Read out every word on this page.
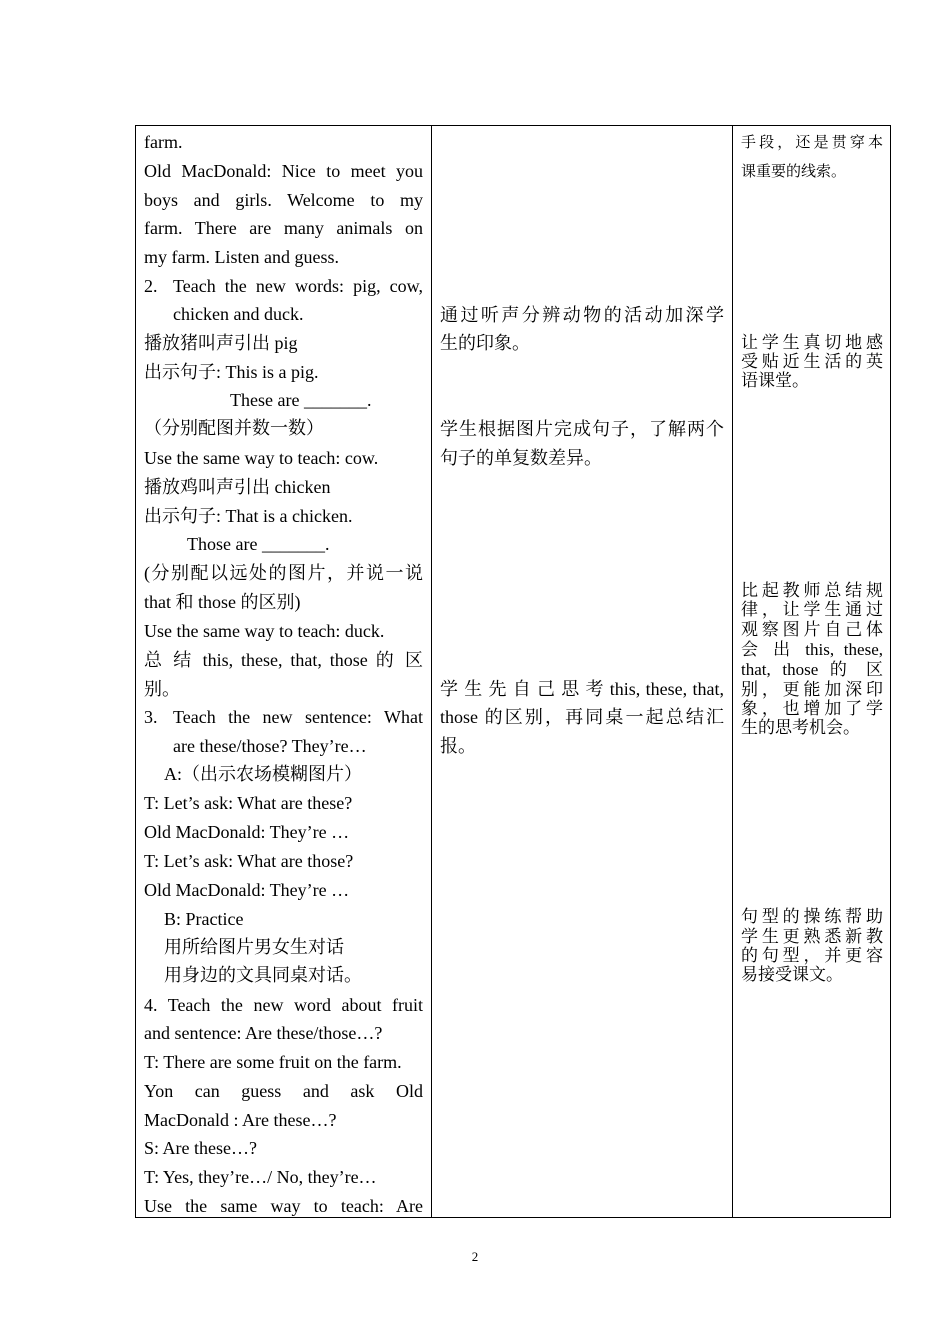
farm.
Old MacDonald: Nice to meet you
boys and girls. Welcome to my
farm. There are many animals on
my farm. Listen and guess.
2. Teach the new words: pig, cow,
chicken and duck.
播放猪叫声引出 pig
出示句子: This is a pig.
These are _______.
（分别配图并数一数）
Use the same way to teach: cow.
播放鸡叫声引出 chicken
出示句子: That is a chicken.
Those are _______.
(分别配以远处的图片，并说一说
that 和 those 的区别)
Use the same way to teach: duck.
总 结 this, these, that, those 的 区
别。
3. Teach the new sentence: What
are these/those? They’re…
A:（出示农场模糊图片）
T: Let’s ask: What are these?
Old MacDonald: They’re …
T: Let’s ask: What are those?
Old MacDonald: They’re …
B: Practice
用所给图片男女生对话
用身边的文具同桌对话。
4. Teach the new word about fruit
and sentence: Are these/those…?
T: There are some fruit on the farm.
Yon can guess and ask Old
MacDonald : Are these…?
S: Are these…?
T: Yes, they’re…/ No, they’re…
Use the same way to teach: Are
通过听声分辨动物的活动加深学
生的印象。
学生根据图片完成句子，了解两个
句子的单复数差异。
学 生 先 自 己 思 考 this, these, that,
those 的区别，再同桌一起总结汇
报。
手段，还是贯穿本
课重要的线索。
让学生真切地感
受贴近生活的英
语课堂。
比起教师总结规
律，让学生通过
观察图片自己体
会 出 this, these,
that, those 的 区
别，更能加深印
象，也增加了学
生的思考机会。
句型的操练帮助
学生更熟悉新教
的句型，并更容
易接受课文。
2
